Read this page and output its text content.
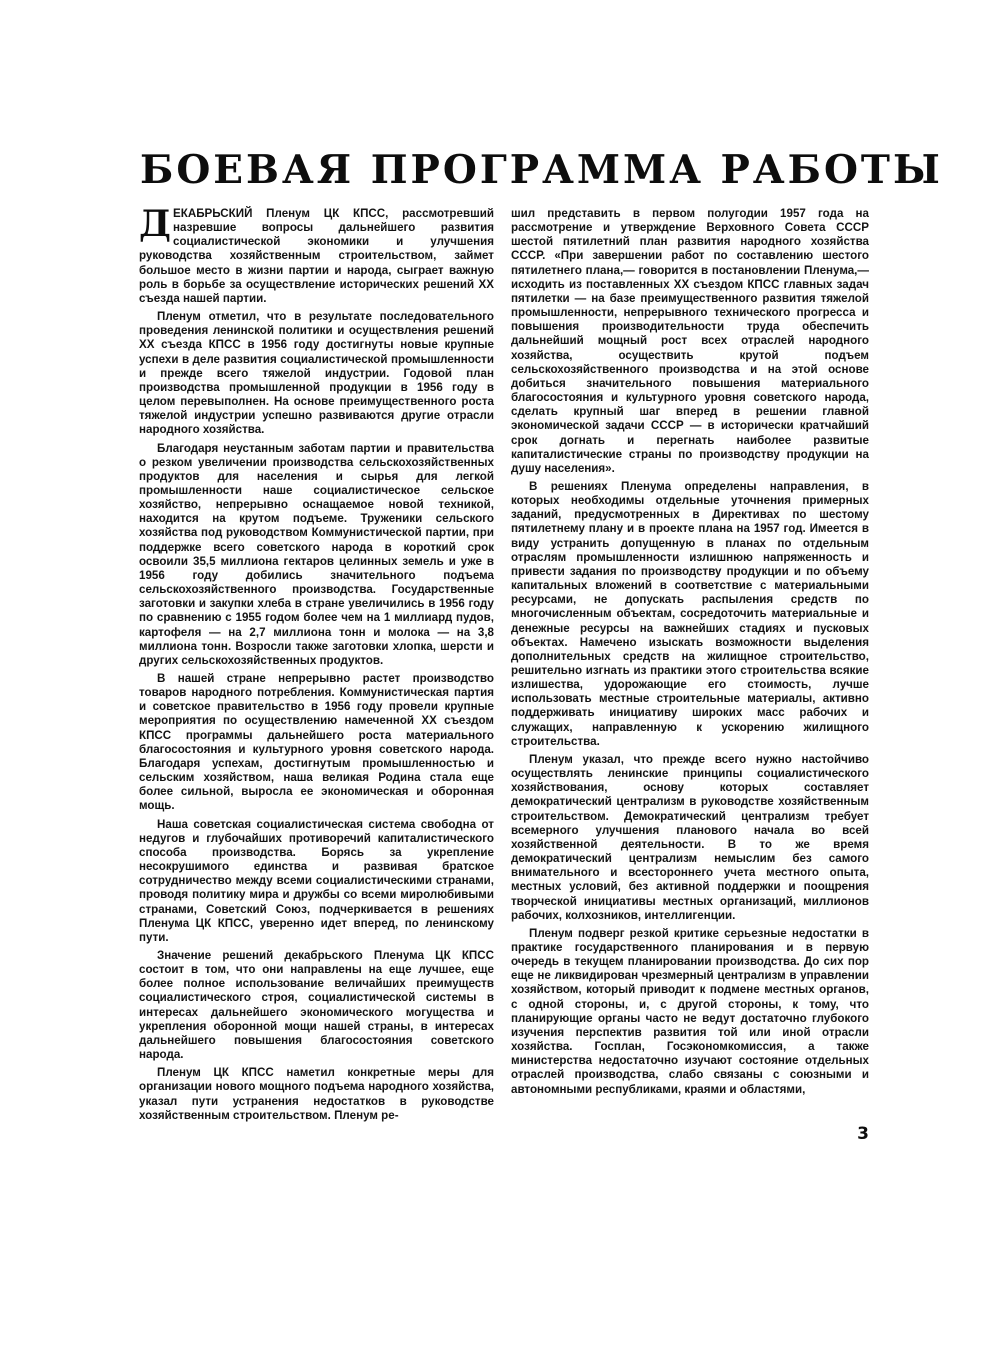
БОЕВАЯ ПРОГРАММА РАБОТЫ

ДЕКАБРЬСКИЙ Пленум ЦК КПСС, рассмотревший назревшие вопросы дальнейшего развития социалистической экономики и улучшения руководства хозяйственным строительством, займет большое место в жизни партии и народа, сыграет важную роль в борьбе за осуществление исторических решений XX съезда нашей партии.

Пленум отметил, что в результате последовательного проведения ленинской политики и осуществления решений XX съезда КПСС в 1956 году достигнуты новые крупные успехи в деле развития социалистической промышленности и прежде всего тяжелой индустрии. Годовой план производства промышленной продукции в 1956 году в целом перевыполнен. На основе преимущественного роста тяжелой индустрии успешно развиваются другие отрасли народного хозяйства.

Благодаря неустанным заботам партии и правительства о резком увеличении производства сельскохозяйственных продуктов для населения и сырья для легкой промышленности наше социалистическое сельское хозяйство, непрерывно оснащаемое новой техникой, находится на крутом подъеме. Труженики сельского хозяйства под руководством Коммунистической партии, при поддержке всего советского народа в короткий срок освоили 35,5 миллиона гектаров целинных земель и уже в 1956 году добились значительного подъема сельскохозяйственного производства. Государственные заготовки и закупки хлеба в стране увеличились в 1956 году по сравнению с 1955 годом более чем на 1 миллиард пудов, картофеля — на 2,7 миллиона тонн и молока — на 3,8 миллиона тонн. Возросли также заготовки хлопка, шерсти и других сельскохозяйственных продуктов.

В нашей стране непрерывно растет производство товаров народного потребления. Коммунистическая партия и советское правительство в 1956 году провели крупные мероприятия по осуществлению намеченной XX съездом КПСС программы дальнейшего роста материального благосостояния и культурного уровня советского народа. Благодаря успехам, достигнутым промышленностью и сельским хозяйством, наша великая Родина стала еще более сильной, выросла ее экономическая и оборонная мощь.

Наша советская социалистическая система свободна от недугов и глубочайших противоречий капиталистического способа производства. Борясь за укрепление несокрушимого единства и развивая братское сотрудничество между всеми социалистическими странами, проводя политику мира и дружбы со всеми миролюбивыми странами, Советский Союз, подчеркивается в решениях Пленума ЦК КПСС, уверенно идет вперед, по ленинскому пути.

Значение решений декабрьского Пленума ЦК КПСС состоит в том, что они направлены на еще лучшее, еще более полное использование величайших преимуществ социалистического строя, социалистической системы в интересах дальнейшего экономического могущества и укрепления оборонной мощи нашей страны, в интересах дальнейшего повышения благосостояния советского народа.

Пленум ЦК КПСС наметил конкретные меры для организации нового мощного подъема народного хозяйства, указал пути устранения недостатков в руководстве хозяйственным строительством. Пленум ре-

шил представить в первом полугодии 1957 года на рассмотрение и утверждение Верховного Совета СССР шестой пятилетний план развития народного хозяйства СССР. «При завершении работ по составлению шестого пятилетнего плана,— говорится в постановлении Пленума,— исходить из поставленных XX съездом КПСС главных задач пятилетки — на базе преимущественного развития тяжелой промышленности, непрерывного технического прогресса и повышения производительности труда обеспечить дальнейший мощный рост всех отраслей народного хозяйства, осуществить крутой подъем сельскохозяйственного производства и на этой основе добиться значительного повышения материального благосостояния и культурного уровня советского народа, сделать крупный шаг вперед в решении главной экономической задачи СССР — в исторически кратчайший срок догнать и перегнать наиболее развитые капиталистические страны по производству продукции на душу населения».

В решениях Пленума определены направления, в которых необходимы отдельные уточнения примерных заданий, предусмотренных в Директивах по шестому пятилетнему плану и в проекте плана на 1957 год. Имеется в виду устранить допущенную в планах по отдельным отраслям промышленности излишнюю напряженность и привести задания по производству продукции и по объему капитальных вложений в соответствие с материальными ресурсами, не допускать распыления средств по многочисленным объектам, сосредоточить материальные и денежные ресурсы на важнейших стадиях и пусковых объектах. Намечено изыскать возможности выделения дополнительных средств на жилищное строительство, решительно изгнать из практики этого строительства всякие излишества, удорожающие его стоимость, лучше использовать местные строительные материалы, активно поддерживать инициативу широких масс рабочих и служащих, направленную к ускорению жилищного строительства.

Пленум указал, что прежде всего нужно настойчиво осуществлять ленинские принципы социалистического хозяйствования, основу которых составляет демократический централизм в руководстве хозяйственным строительством. Демократический централизм требует всемерного улучшения планового начала во всей хозяйственной деятельности. В то же время демократический централизм немыслим без самого внимательного и всестороннего учета местного опыта, местных условий, без активной поддержки и поощрения творческой инициативы местных организаций, миллионов рабочих, колхозников, интеллигенции.

Пленум подверг резкой критике серьезные недостатки в практике государственного планирования и в первую очередь в текущем планировании производства. До сих пор еще не ликвидирован чрезмерный централизм в управлении хозяйством, который приводит к подмене местных органов, с одной стороны, и, с другой стороны, к тому, что планирующие органы часто не ведут достаточно глубокого изучения перспектив развития той или иной отрасли хозяйства. Госплан, Госэкономкомиссия, а также министерства недостаточно изучают состояние отдельных отраслей производства, слабо связаны с союзными и автономными республиками, краями и областями,

3
